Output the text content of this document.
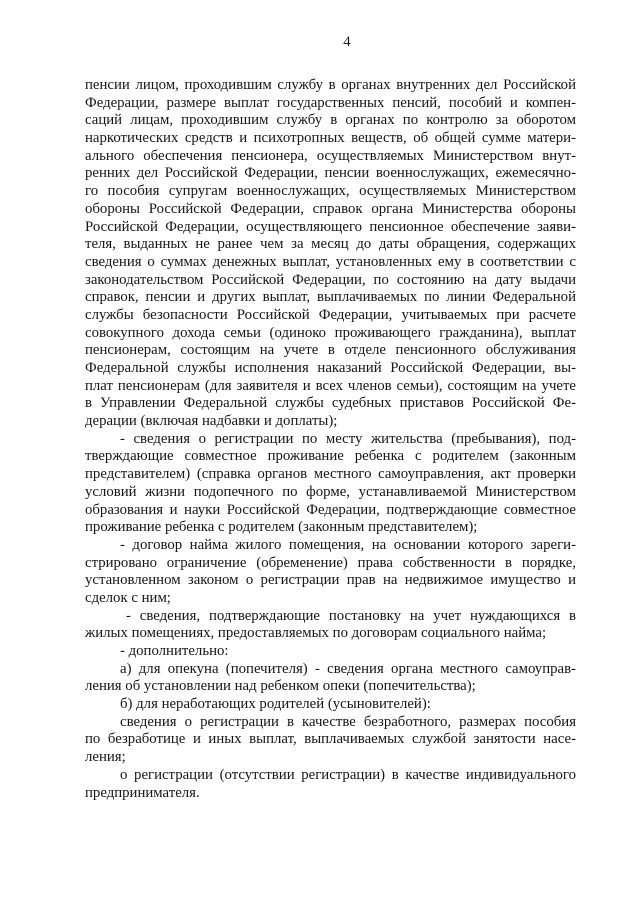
4
пенсии лицом, проходившим службу в органах внутренних дел Российской
Федерации, размере выплат государственных пенсий, пособий и компен-
саций лицам, проходившим службу в органах по контролю за оборотом
наркотических средств и психотропных веществ, об общей сумме матери-
ального обеспечения пенсионера, осуществляемых Министерством внут-
ренних дел Российской Федерации, пенсии военнослужащих, ежемесячно-
го пособия супругам военнослужащих, осуществляемых Министерством
обороны Российской Федерации, справок органа Министерства обороны
Российской Федерации, осуществляющего пенсионное обеспечение заяви-
теля, выданных не ранее чем за месяц до даты обращения, содержащих
сведения о суммах денежных выплат, установленных ему в соответствии с
законодательством Российской Федерации, по состоянию на дату выдачи
справок, пенсии и других выплат, выплачиваемых по линии Федеральной
службы безопасности Российской Федерации, учитываемых при расчете
совокупного дохода семьи (одиноко проживающего гражданина), выплат
пенсионерам, состоящим на учете в отделе пенсионного обслуживания
Федеральной службы исполнения наказаний Российской Федерации, вы-
плат пенсионерам (для заявителя и всех членов семьи), состоящим на учете
в Управлении Федеральной службы судебных приставов Российской Фе-
дерации (включая надбавки и доплаты);
- сведения о регистрации по месту жительства (пребывания), под-
тверждающие совместное проживание ребенка с родителем (законным
представителем) (справка органов местного самоуправления, акт проверки
условий жизни подопечного по форме, устанавливаемой Министерством
образования и науки Российской Федерации, подтверждающие совместное
проживание ребенка с родителем (законным представителем);
- договор найма жилого помещения, на основании которого зареги-
стрировано ограничение (обременение) права собственности в порядке,
установленном законом о регистрации прав на недвижимое имущество и
сделок с ним;
- сведения, подтверждающие постановку на учет нуждающихся в
жилых помещениях, предоставляемых по договорам социального найма;
- дополнительно:
а) для опекуна (попечителя) - сведения органа местного самоуправ-
ления об установлении над ребенком опеки (попечительства);
б) для неработающих родителей (усыновителей):
сведения о регистрации в качестве безработного, размерах пособия
по безработице и иных выплат, выплачиваемых службой занятости насе-
ления;
о регистрации (отсутствии регистрации) в качестве индивидуального
предпринимателя.
